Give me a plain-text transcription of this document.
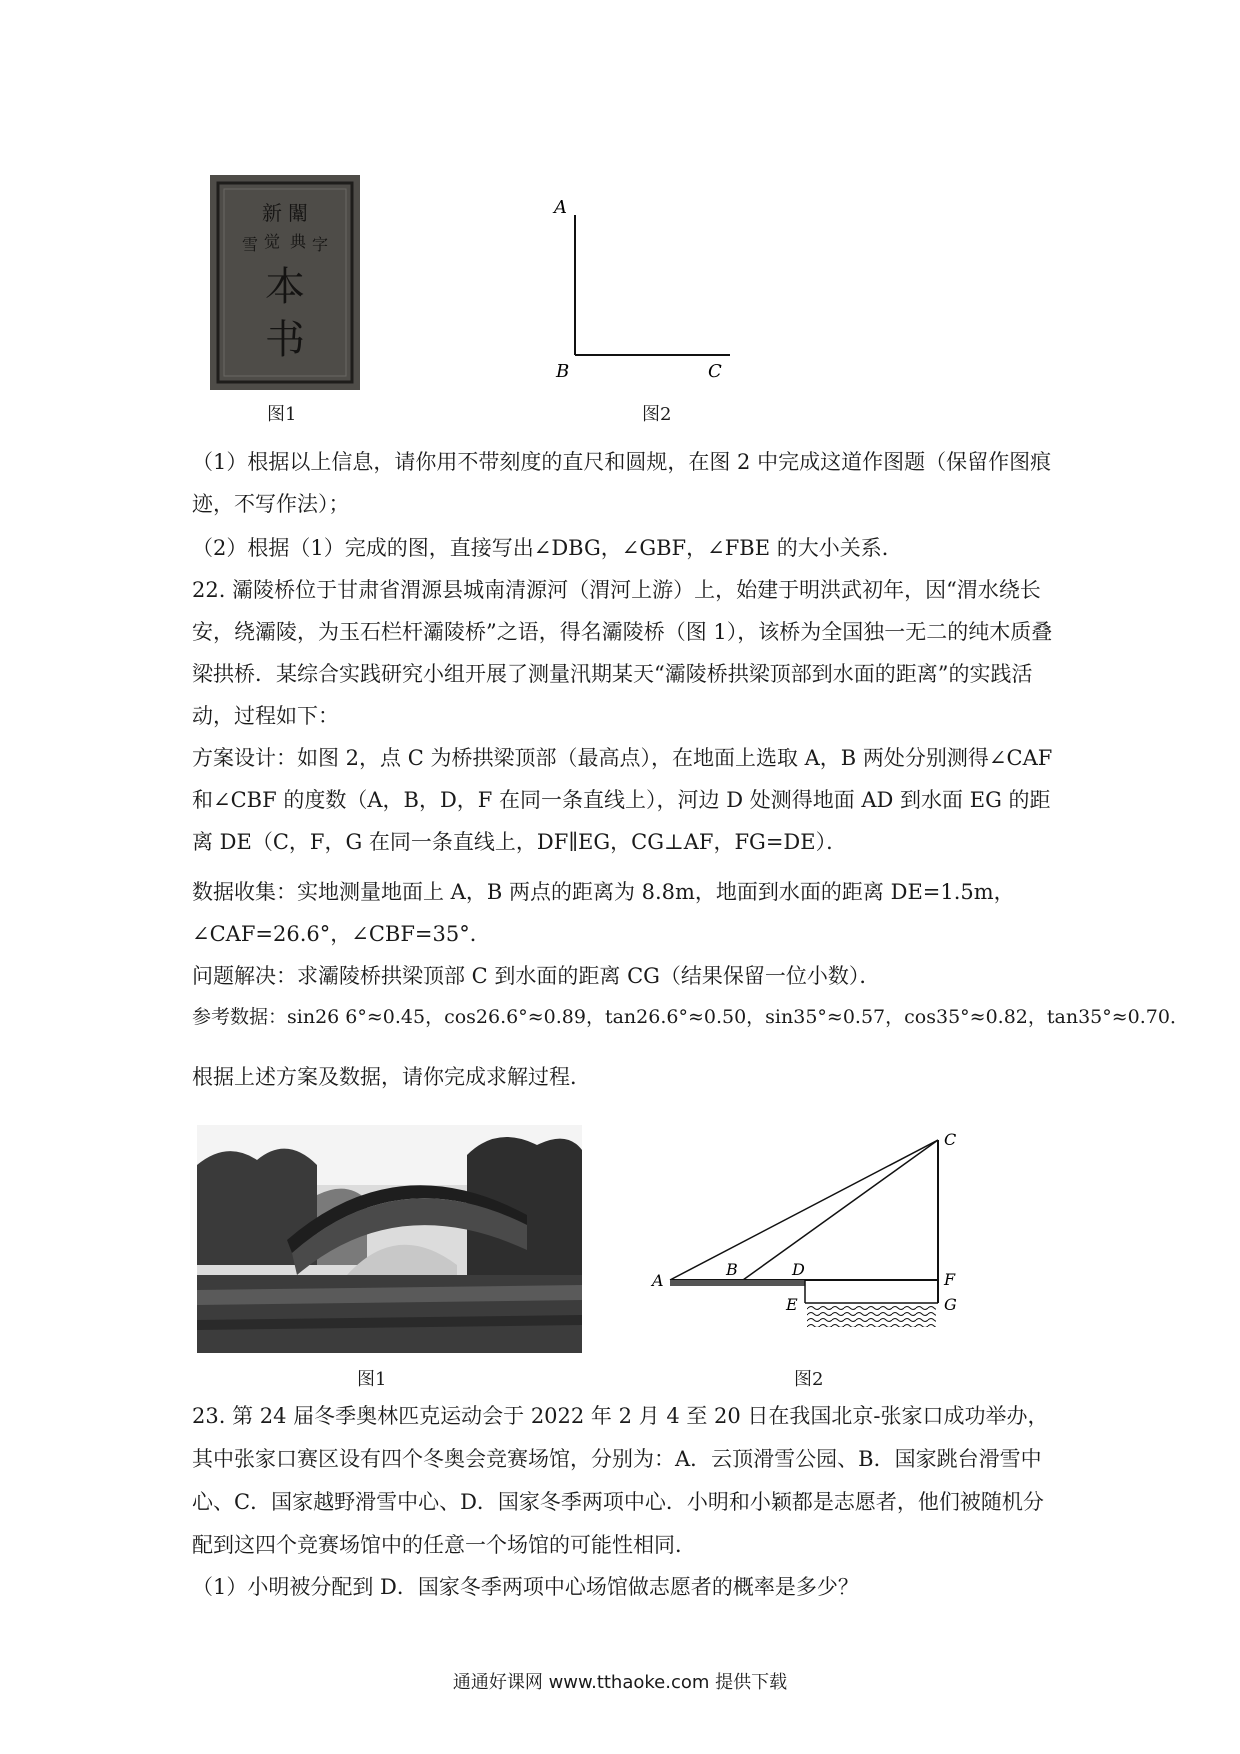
新 闈
字
典
雪 觉
本
书
图1
A
B	C
图2
（1）根据以上信息，请你用不带刻度的直尺和圆规，在图 2 中完成这道作图题（保留作图痕迹，不写作法）；
（2）根据（1）完成的图，直接写出∠DBG，∠GBF，∠FBE 的大小关系．
22. 灞陵桥位于甘肃省渭源县城南清源河（渭河上游）上，始建于明洪武初年，因“渭水绕长安，绕灞陵，为玉石栏杆灞陵桥”之语，得名灞陵桥（图 1），该桥为全国独一无二的纯木质叠梁拱桥．某综合实践研究小组开展了测量汛期某天“灞陵桥拱梁顶部到水面的距离”的实践活动，过程如下：
方案设计：如图 2，点 C 为桥拱梁顶部（最高点），在地面上选取 A，B 两处分别测得∠CAF 和∠CBF 的度数（A，B，D，F 在同一条直线上），河边 D 处测得地面 AD 到水面 EG 的距离 DE（C，F，G 在同一条直线上，DF∥EG，CG⊥AF，FG=DE）．
数据收集：实地测量地面上 A，B 两点的距离为 8.8m，地面到水面的距离 DE=1.5m，
∠CAF=26.6°，∠CBF=35°．
问题解决：求灞陵桥拱梁顶部 C 到水面的距离 CG（结果保留一位小数）．
参考数据：sin26 6°≈0.45，cos26.6°≈0.89，tan26.6°≈0.50，sin35°≈0.57，cos35°≈0.82，tan35°≈0.70．
根据上述方案及数据，请你完成求解过程．
图1
A
B
C
D
E
F
G
图2
23. 第 24 届冬季奥林匹克运动会于 2022 年 2 月 4 至 20 日在我国北京-张家口成功举办，其中张家口赛区设有四个冬奥会竞赛场馆，分别为：A．云顶滑雪公园、B．国家跳台滑雪中心、C．国家越野滑雪中心、D．国家冬季两项中心．小明和小颖都是志愿者，他们被随机分配到这四个竞赛场馆中的任意一个场馆的可能性相同．
（1）小明被分配到 D．国家冬季两项中心场馆做志愿者的概率是多少？
通通好课网 www.tthaoke.com 提供下载
